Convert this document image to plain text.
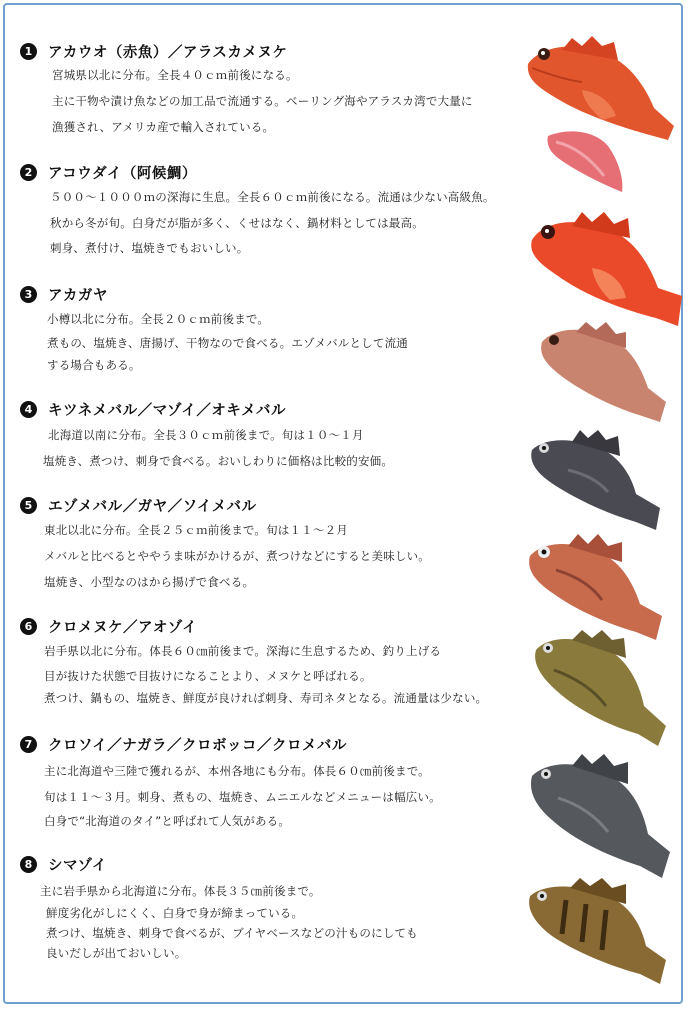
1	アカウオ（赤魚）／アラスカメヌケ
宮城県以北に分布。全長４０ｃｍ前後になる。
主に干物や漬け魚などの加工品で流通する。ベーリング海やアラスカ湾で大量に
漁獲され、アメリカ産で輸入されている。
2	アコウダイ（阿候鯛）
５００～１０００ｍの深海に生息。全長６０ｃｍ前後になる。流通は少ない高級魚。
秋から冬が旬。白身だが脂が多く、くせはなく、鍋材料としては最高。
刺身、煮付け、塩焼きでもおいしい。
3	アカガヤ
小樽以北に分布。全長２０ｃｍ前後まで。
煮もの、塩焼き、唐揚げ、干物なので食べる。エゾメバルとして流通
する場合もある。
4	キツネメバル／マゾイ／オキメバル
北海道以南に分布。全長３０ｃｍ前後まで。旬は１０～１月
塩焼き、煮つけ、刺身で食べる。おいしわりに価格は比較的安価。
5	エゾメバル／ガヤ／ソイメバル
東北以北に分布。全長２５ｃｍ前後まで。旬は１１～２月
メバルと比べるとややうま味がかけるが、煮つけなどにすると美味しい。
塩焼き、小型なのはから揚げで食べる。
6	クロメヌケ／アオゾイ
岩手県以北に分布。体長６０㎝前後まで。深海に生息するため、釣り上げる
目が抜けた状態で目抜けになることより、メヌケと呼ばれる。
煮つけ、鍋もの、塩焼き、鮮度が良ければ刺身、寿司ネタとなる。流通量は少ない。
7	クロソイ／ナガラ／クロボッコ／クロメバル
主に北海道や三陸で獲れるが、本州各地にも分布。体長６０㎝前後まで。
旬は１１～３月。刺身、煮もの、塩焼き、ムニエルなどメニューは幅広い。
白身で“北海道のタイ”と呼ばれて人気がある。
8	シマゾイ
主に岩手県から北海道に分布。体長３５㎝前後まで。
鮮度劣化がしにくく、白身で身が締まっている。
煮つけ、塩焼き、刺身で食べるが、ブイヤベースなどの汁ものにしても
良いだしが出ておいしい。
